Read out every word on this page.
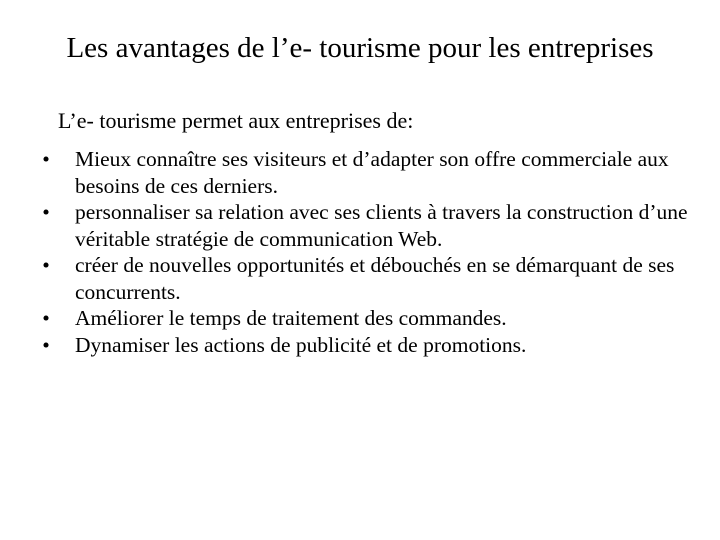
Les avantages de l’e- tourisme pour les entreprises

L’e- tourisme permet aux entreprises de:

• Mieux connaître ses visiteurs et d’adapter son offre commerciale aux besoins de ces derniers.
• personnaliser sa relation avec ses clients à travers la construction d’une véritable stratégie de communication Web.
• créer de nouvelles opportunités et débouchés en se démarquant de ses concurrents.
• Améliorer le temps de traitement des commandes.
• Dynamiser les actions de publicité et de promotions.
